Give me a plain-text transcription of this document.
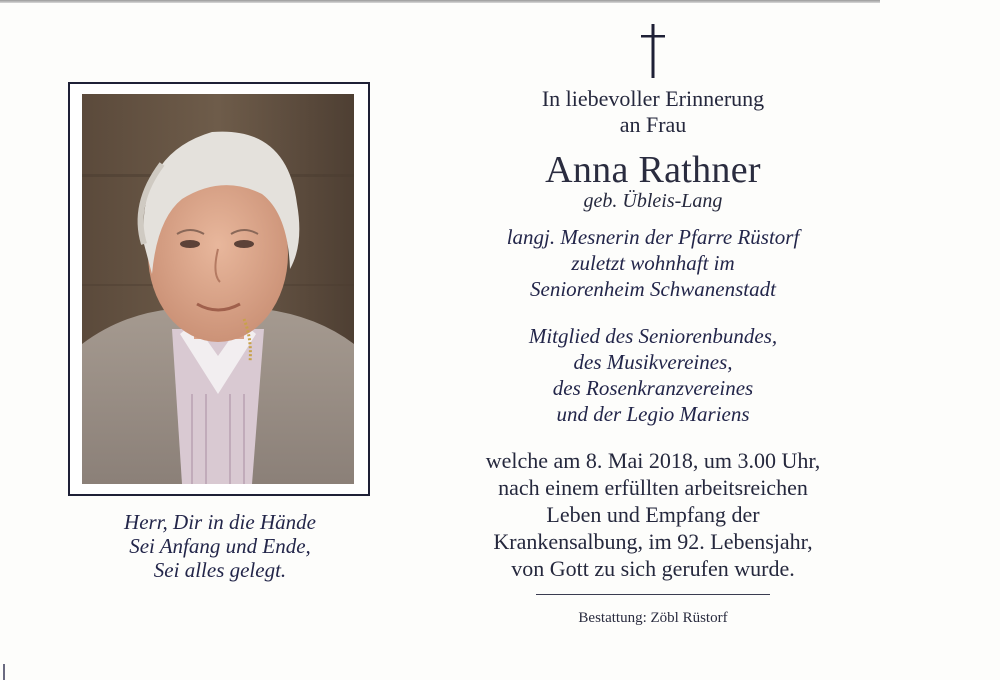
Herr, Dir in die Hände
Sei Anfang und Ende,
Sei alles gelegt.
In liebevoller Erinnerung
an Frau
Anna Rathner
geb. Übleis-Lang
langj. Mesnerin der Pfarre Rüstorf
zuletzt wohnhaft im
Seniorenheim Schwanenstadt
Mitglied des Seniorenbundes,
des Musikvereines,
des Rosenkranzvereines
und der Legio Mariens
welche am 8. Mai 2018, um 3.00 Uhr,
nach einem erfüllten arbeitsreichen
Leben und Empfang der
Krankensalbung, im 92. Lebensjahr,
von Gott zu sich gerufen wurde.
Bestattung: Zöbl Rüstorf
